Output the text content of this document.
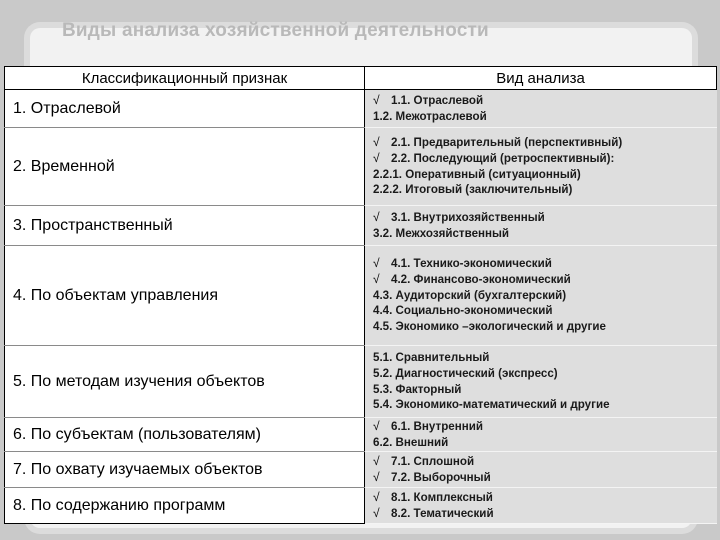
Виды анализа хозяйственной деятельности
Классификационный признак	Вид анализа
1. Отраслевой	√ 1.1. Отраслевой
1.2. Межотраслевой

2. Временной	√ 2.1. Предварительный (перспективный)
√ 2.2. Последующий (ретроспективный):
2.2.1. Оперативный (ситуационный)
2.2.2. Итоговый (заключительный)

3. Пространственный	√ 3.1. Внутрихозяйственный
3.2. Межхозяйственный

4. По объектам управления	√ 4.1. Технико-экономический
√ 4.2. Финансово-экономический
4.3. Аудиторский (бухгалтерский)
4.4. Социально-экономический
4.5. Экономико –экологический и другие

5. По методам изучения объектов	5.1. Сравнительный
5.2. Диагностический (экспресс)
5.3. Факторный
5.4. Экономико-математический и другие

6. По субъектам (пользователям)	√ 6.1. Внутренний
6.2. Внешний

7. По охвату изучаемых объектов	√ 7.1. Сплошной
√ 7.2. Выборочный

8. По содержанию программ	√ 8.1. Комплексный
√ 8.2. Тематический
